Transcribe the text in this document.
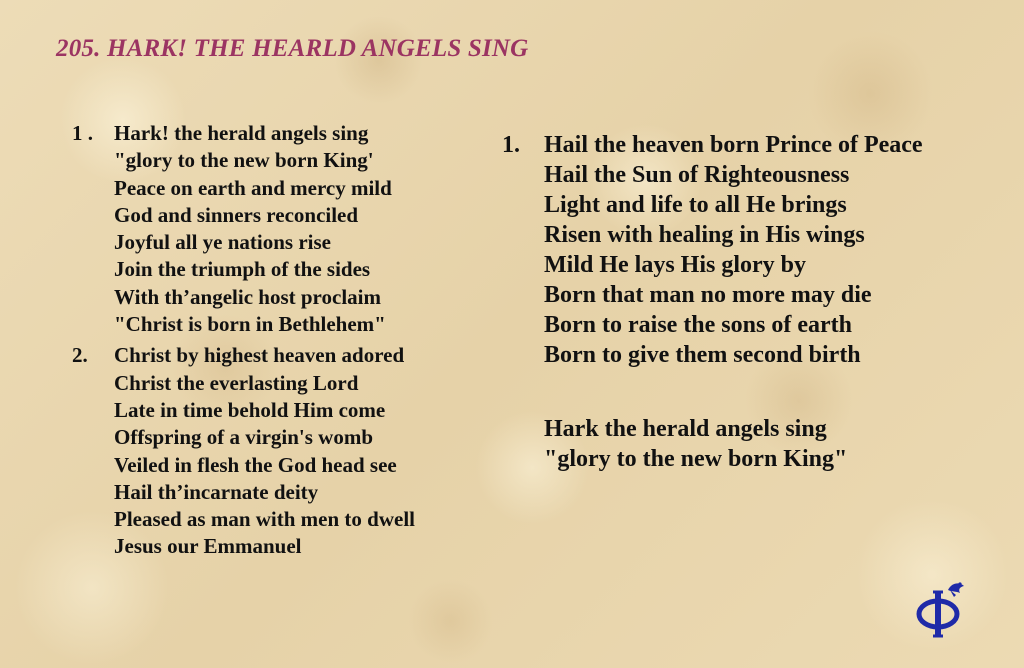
205. HARK! THE HEARLD ANGELS SING
1 .	Hark! the herald angels sing
"glory to the new born King'
Peace on earth and mercy mild
God and sinners reconciled
Joyful all ye nations rise
Join the triumph of the sides
With th’angelic host proclaim
"Christ is born in Bethlehem"
2.	Christ by highest heaven adored
Christ the everlasting Lord
Late in time behold Him come
Offspring of a virgin's womb
Veiled in flesh the God head see
Hail th’incarnate deity
Pleased as man with men to dwell
Jesus our Emmanuel
1.	Hail the heaven born Prince of Peace
Hail the Sun of Righteousness
Light and life to all He brings
Risen with healing in His wings
Mild He lays His glory by
Born that man no more may die
Born to raise the sons of earth
Born to give them second birth
Hark the herald angels sing
"glory to the new born King"
